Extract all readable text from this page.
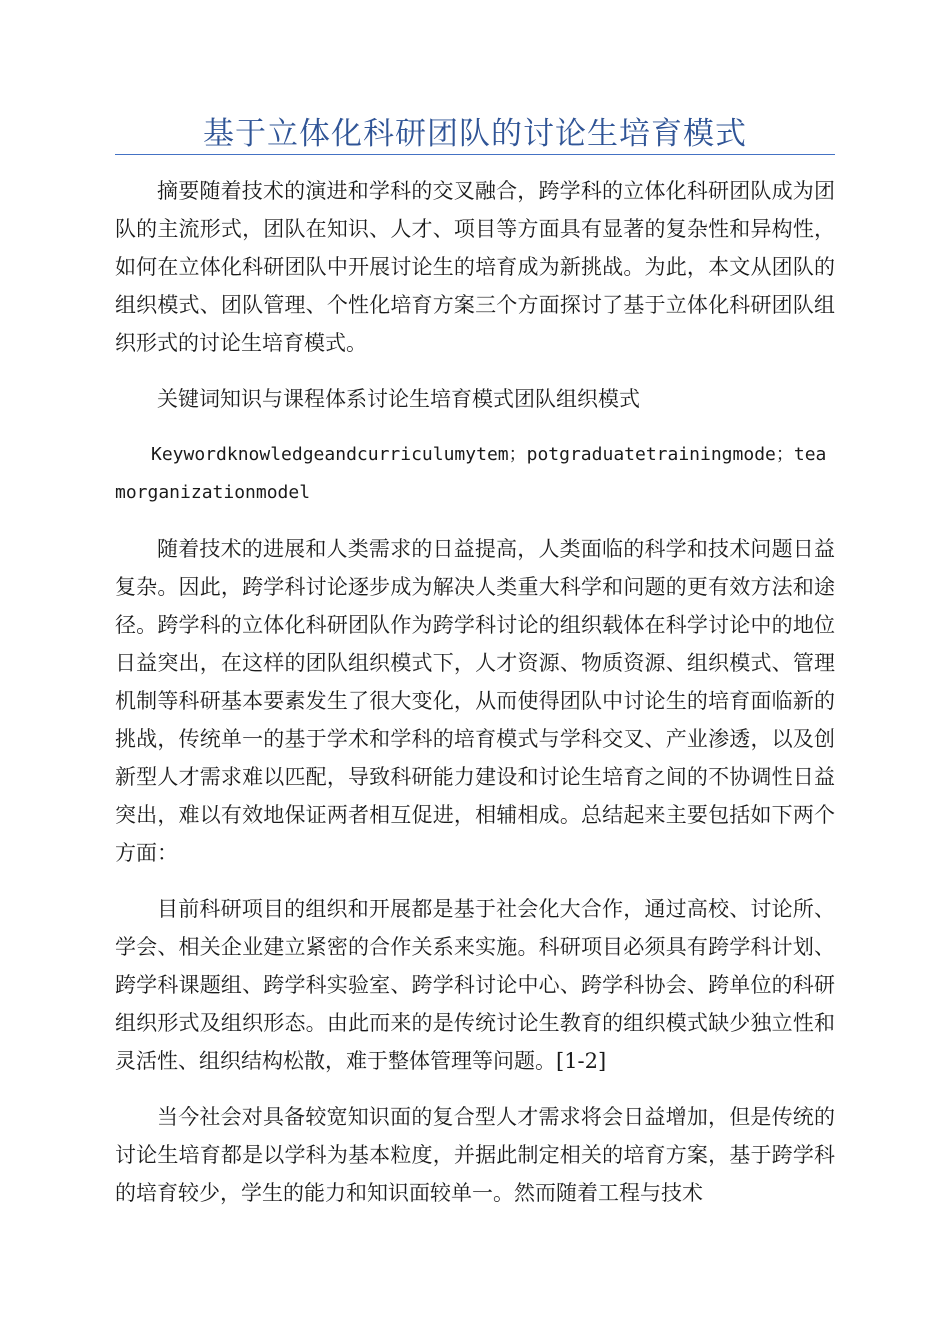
基于立体化科研团队的讨论生培育模式

摘要随着技术的演进和学科的交叉融合，跨学科的立体化科研团队成为团队的主流形式，团队在知识、人才、项目等方面具有显著的复杂性和异构性，如何在立体化科研团队中开展讨论生的培育成为新挑战。为此，本文从团队的组织模式、团队管理、个性化培育方案三个方面探讨了基于立体化科研团队组织形式的讨论生培育模式。

关键词知识与课程体系讨论生培育模式团队组织模式

Keywordknowledgeandcurriculumytem；potgraduatetrainingmode；teamorganizationmodel

随着技术的进展和人类需求的日益提高，人类面临的科学和技术问题日益复杂。因此，跨学科讨论逐步成为解决人类重大科学和问题的更有效方法和途径。跨学科的立体化科研团队作为跨学科讨论的组织载体在科学讨论中的地位日益突出，在这样的团队组织模式下，人才资源、物质资源、组织模式、管理机制等科研基本要素发生了很大变化，从而使得团队中讨论生的培育面临新的挑战，传统单一的基于学术和学科的培育模式与学科交叉、产业渗透，以及创新型人才需求难以匹配，导致科研能力建设和讨论生培育之间的不协调性日益突出，难以有效地保证两者相互促进，相辅相成。总结起来主要包括如下两个方面：

目前科研项目的组织和开展都是基于社会化大合作，通过高校、讨论所、学会、相关企业建立紧密的合作关系来实施。科研项目必须具有跨学科计划、跨学科课题组、跨学科实验室、跨学科讨论中心、跨学科协会、跨单位的科研组织形式及组织形态。由此而来的是传统讨论生教育的组织模式缺少独立性和灵活性、组织结构松散，难于整体管理等问题。[1-2]

当今社会对具备较宽知识面的复合型人才需求将会日益增加，但是传统的讨论生培育都是以学科为基本粒度，并据此制定相关的培育方案，基于跨学科的培育较少，学生的能力和知识面较单一。然而随着工程与技术
